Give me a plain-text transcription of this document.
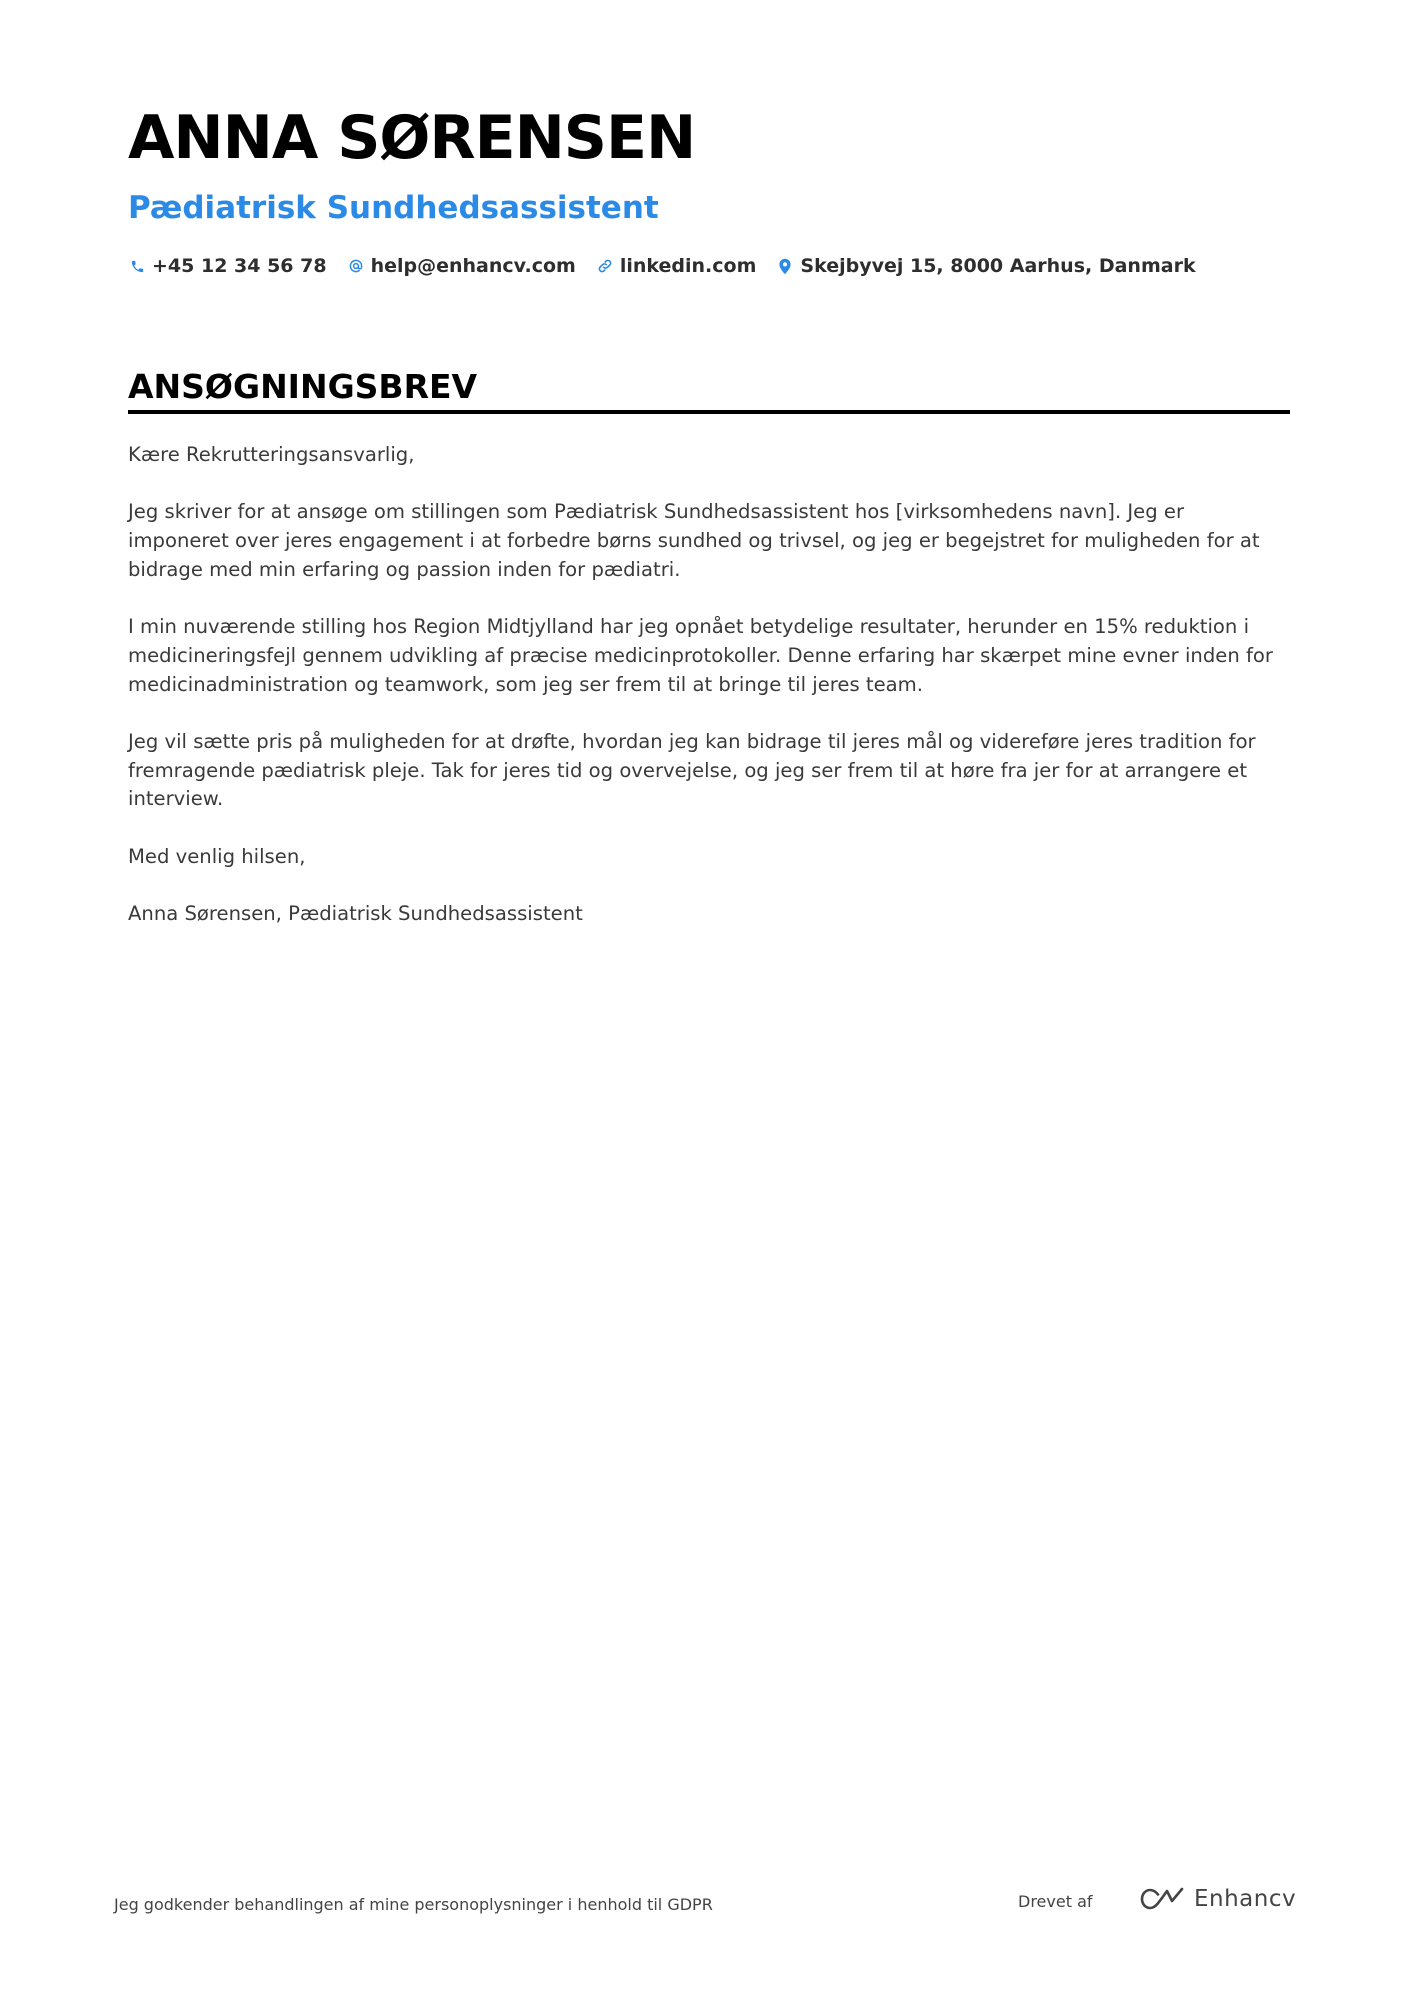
ANNA SØRENSEN
Pædiatrisk Sundhedsassistent
+45 12 34 56 78 help@enhancv.com linkedin.com Skejbyvej 15, 8000 Aarhus, Danmark
ANSØGNINGSBREV

Kære Rekrutteringsansvarlig,

Jeg skriver for at ansøge om stillingen som Pædiatrisk Sundhedsassistent hos [virksomhedens navn]. Jeg er imponeret over jeres engagement i at forbedre børns sundhed og trivsel, og jeg er begejstret for muligheden for at bidrage med min erfaring og passion inden for pædiatri.

I min nuværende stilling hos Region Midtjylland har jeg opnået betydelige resultater, herunder en 15% reduktion i medicineringsfejl gennem udvikling af præcise medicinprotokoller. Denne erfaring har skærpet mine evner inden for medicinadministration og teamwork, som jeg ser frem til at bringe til jeres team.

Jeg vil sætte pris på muligheden for at drøfte, hvordan jeg kan bidrage til jeres mål og videreføre jeres tradition for fremragende pædiatrisk pleje. Tak for jeres tid og overvejelse, og jeg ser frem til at høre fra jer for at arrangere et interview.

Med venlig hilsen,

Anna Sørensen, Pædiatrisk Sundhedsassistent

Jeg godkender behandlingen af mine personoplysninger i henhold til GDPR	Drevet af	Enhancv
